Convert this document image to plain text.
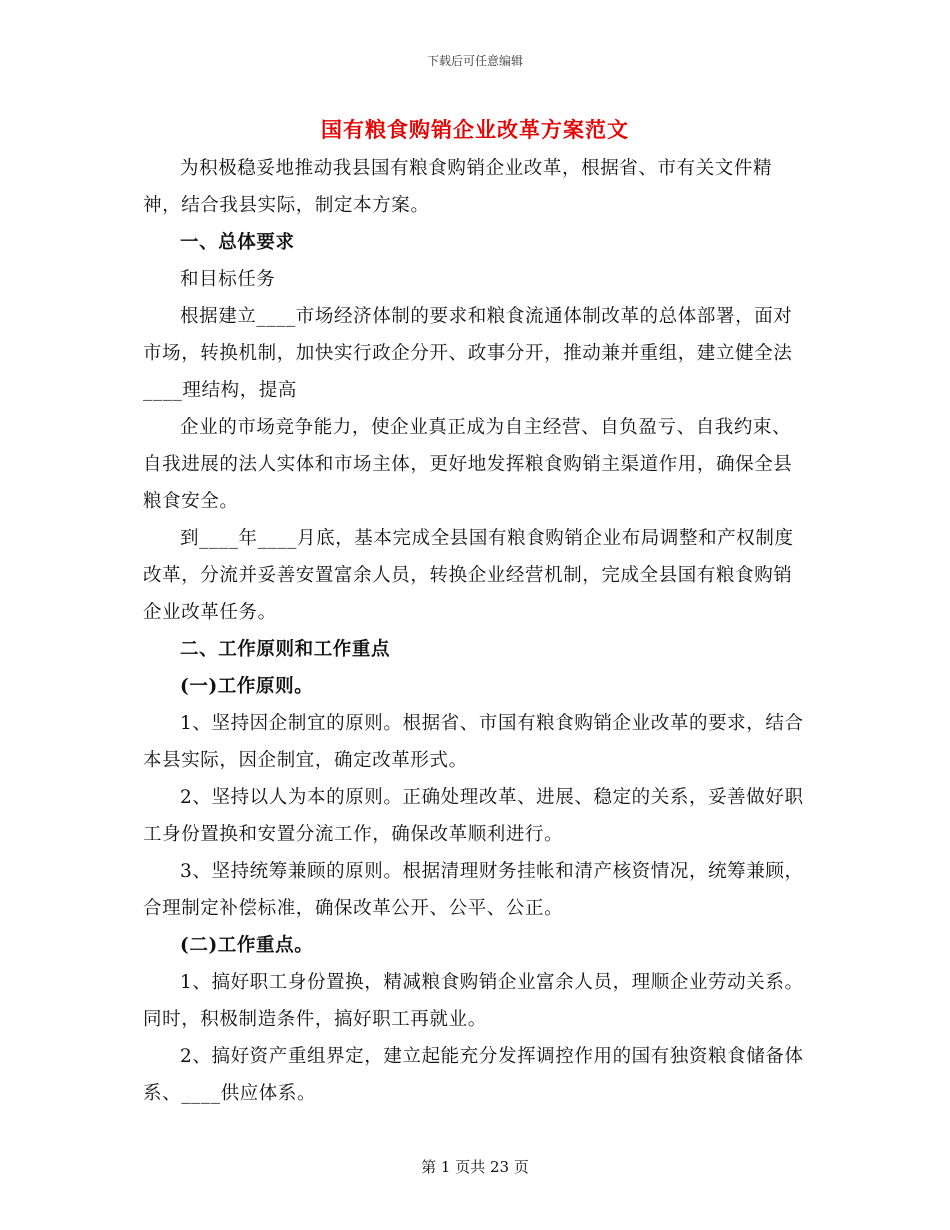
下载后可任意编辑
国有粮食购销企业改革方案范文

为积极稳妥地推动我县国有粮食购销企业改革，根据省、市有关文件精神，结合我县实际，制定本方案。

一、总体要求

和目标任务

根据建立____市场经济体制的要求和粮食流通体制改革的总体部署，面对市场，转换机制，加快实行政企分开、政事分开，推动兼并重组，建立健全法____理结构，提高

企业的市场竞争能力，使企业真正成为自主经营、自负盈亏、自我约束、自我进展的法人实体和市场主体，更好地发挥粮食购销主渠道作用，确保全县粮食安全。

到____年____月底，基本完成全县国有粮食购销企业布局调整和产权制度改革，分流并妥善安置富余人员，转换企业经营机制，完成全县国有粮食购销企业改革任务。

二、工作原则和工作重点

(一)工作原则。

1、坚持因企制宜的原则。根据省、市国有粮食购销企业改革的要求，结合本县实际，因企制宜，确定改革形式。

2、坚持以人为本的原则。正确处理改革、进展、稳定的关系，妥善做好职工身份置换和安置分流工作，确保改革顺利进行。

3、坚持统筹兼顾的原则。根据清理财务挂帐和清产核资情况，统筹兼顾，合理制定补偿标准，确保改革公开、公平、公正。

(二)工作重点。

1、搞好职工身份置换，精减粮食购销企业富余人员，理顺企业劳动关系。同时，积极制造条件，搞好职工再就业。

2、搞好资产重组界定，建立起能充分发挥调控作用的国有独资粮食储备体系、____供应体系。

第 1 页共 23 页
